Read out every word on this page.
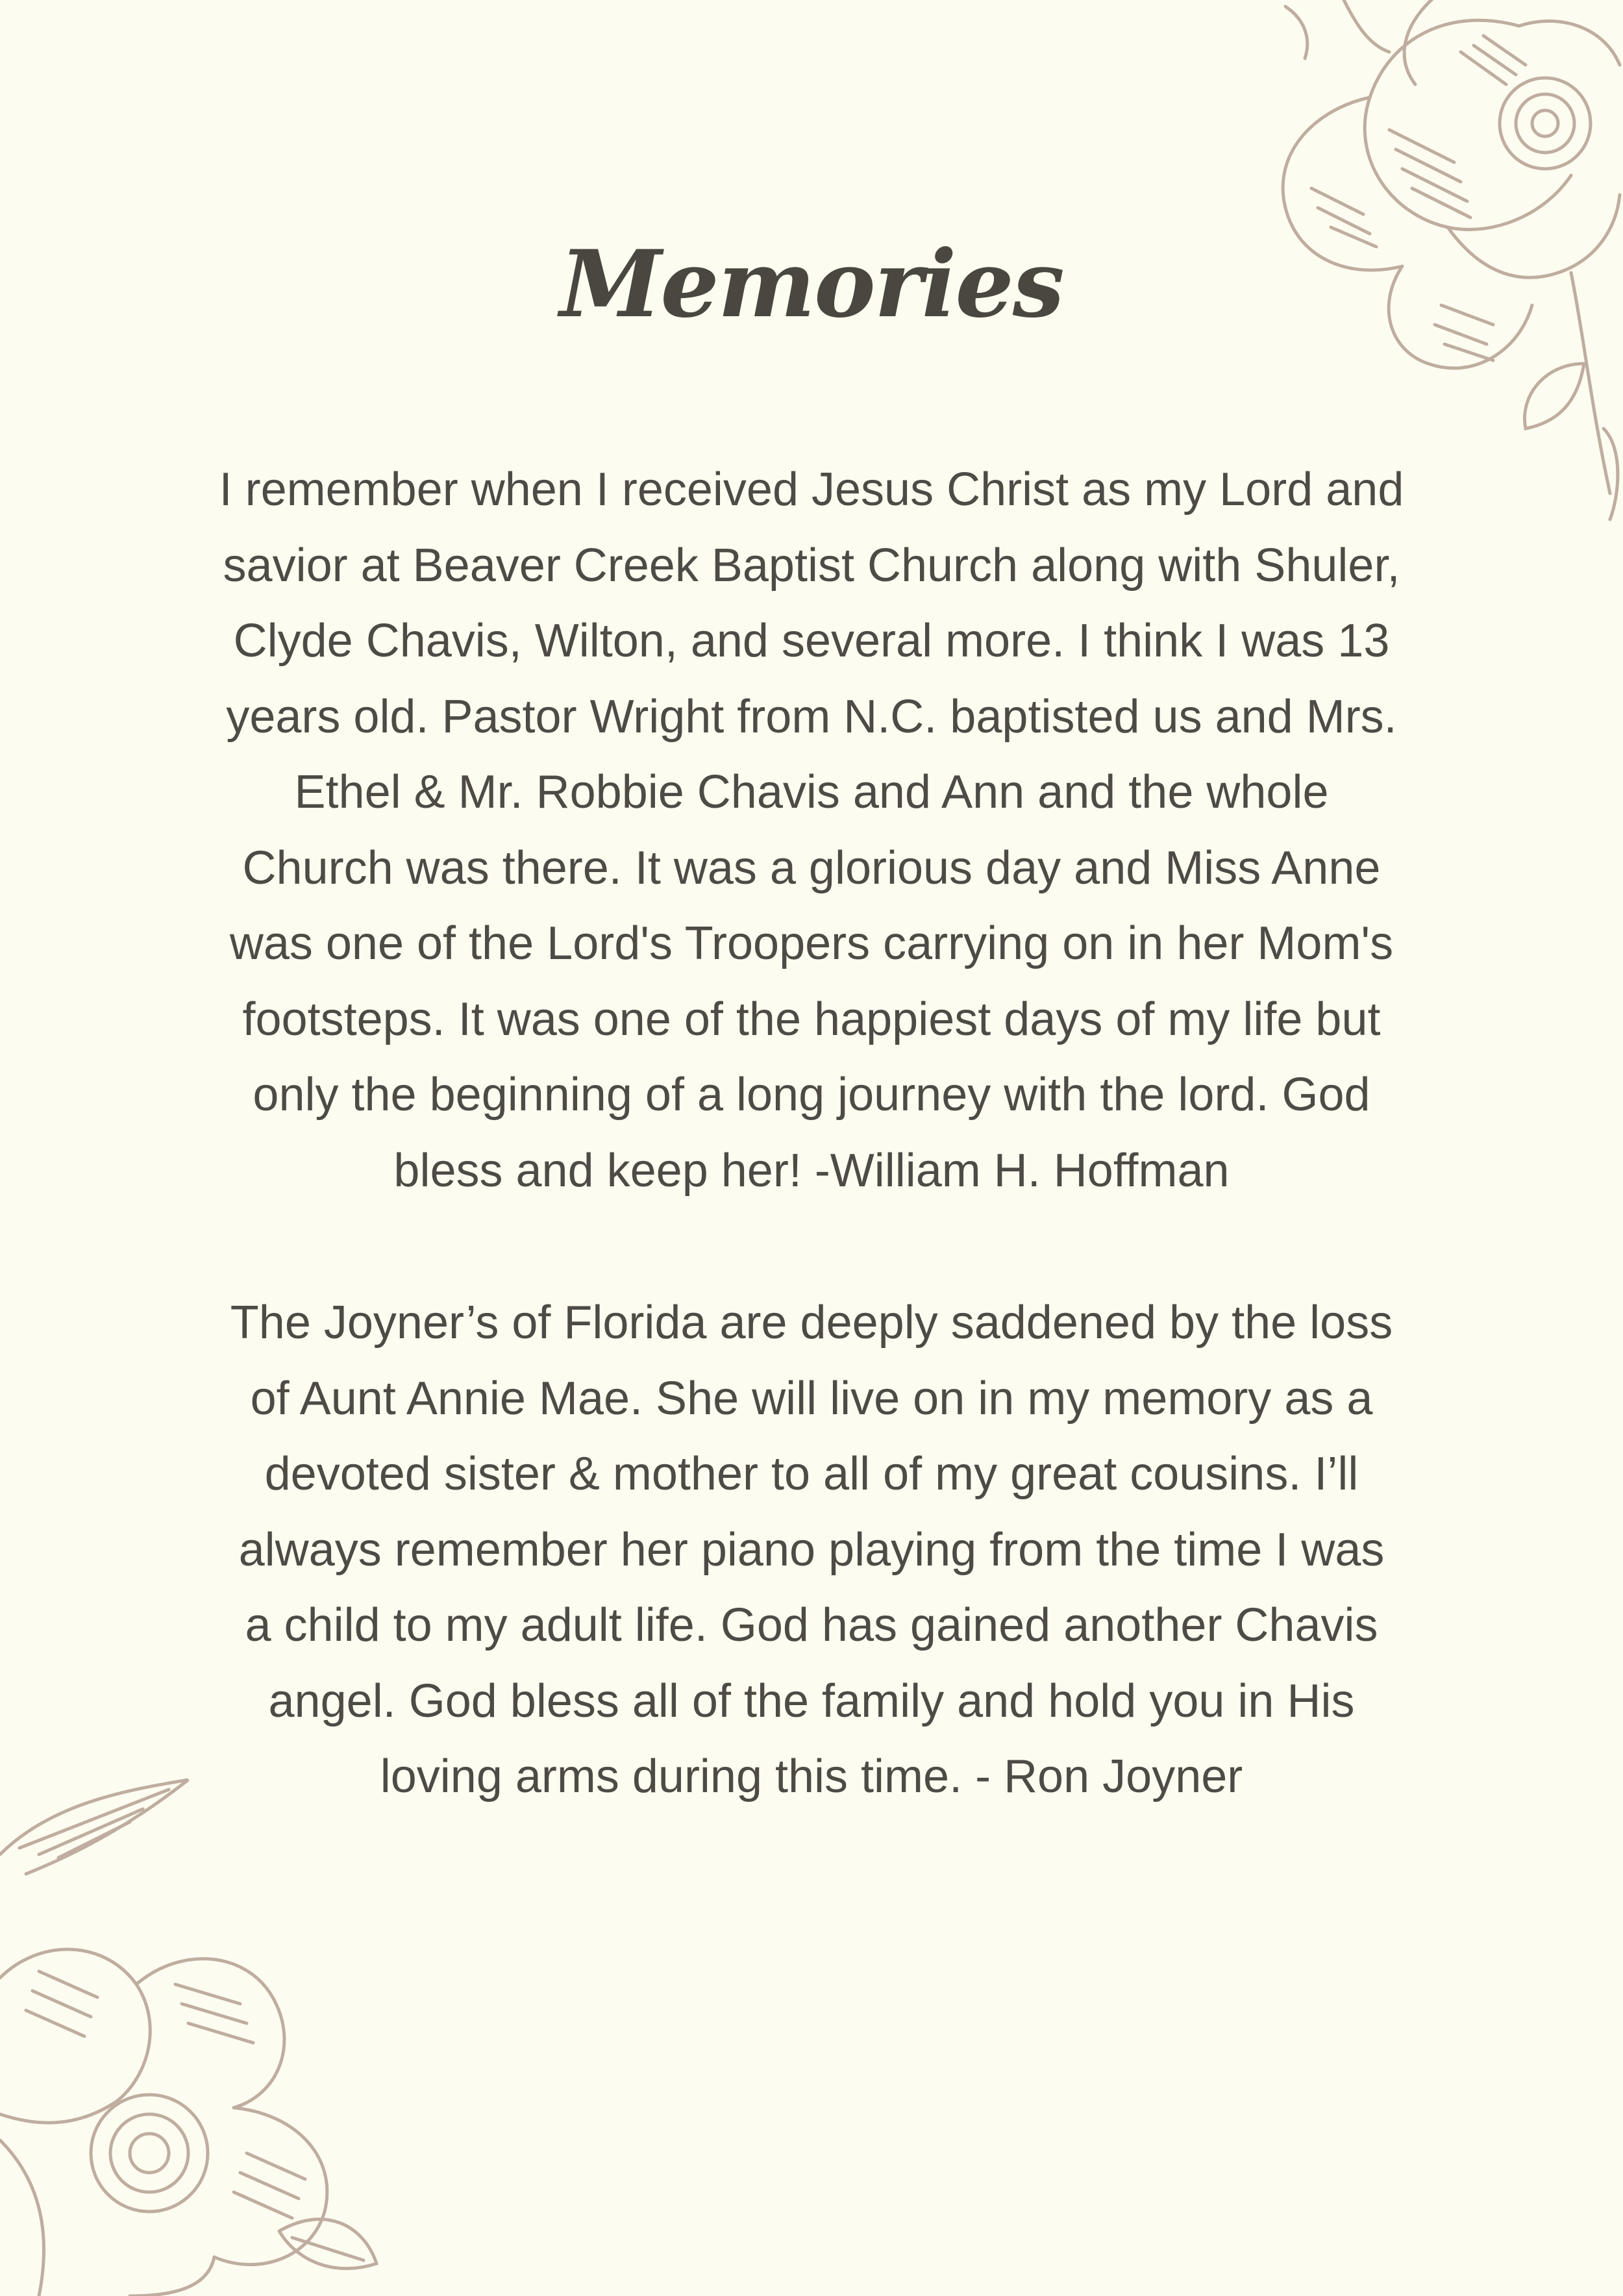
Memories

I remember when I received Jesus Christ as my Lord and
savior at Beaver Creek Baptist Church along with Shuler,
Clyde Chavis, Wilton, and several more. I think I was 13
years old. Pastor Wright from N.C. baptisted us and Mrs.
Ethel & Mr. Robbie Chavis and Ann and the whole
Church was there. It was a glorious day and Miss Anne
was one of the Lord's Troopers carrying on in her Mom's
footsteps. It was one of the happiest days of my life but
only the beginning of a long journey with the lord. God
bless and keep her! -William H. Hoffman

The Joyner’s of Florida are deeply saddened by the loss
of Aunt Annie Mae. She will live on in my memory as a
devoted sister & mother to all of my great cousins. I’ll
always remember her piano playing from the time I was
a child to my adult life. God has gained another Chavis
angel. God bless all of the family and hold you in His
loving arms during this time. - Ron Joyner
